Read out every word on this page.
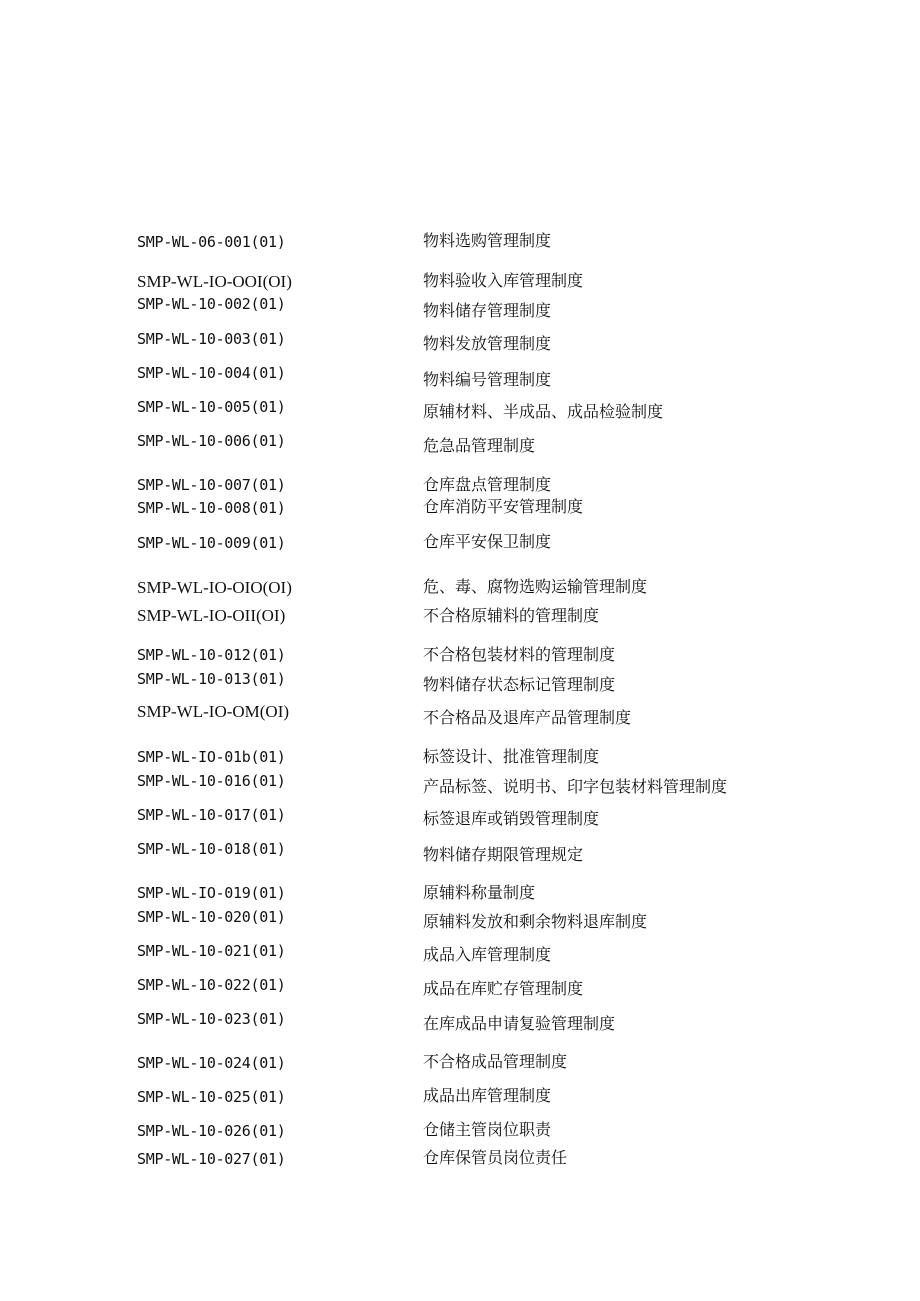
SMP-WL-06-001(01)	物料选购管理制度
SMP-WL-IO-OOI(OI)	物料验收入库管理制度
SMP-WL-10-002(01)	物料储存管理制度
SMP-WL-10-003(01)	物料发放管理制度
SMP-WL-10-004(01)	物料编号管理制度
SMP-WL-10-005(01)	原辅材料、半成品、成品检验制度
SMP-WL-10-006(01)	危急品管理制度
SMP-WL-10-007(01)	仓库盘点管理制度
SMP-WL-10-008(01)	仓库消防平安管理制度
SMP-WL-10-009(01)	仓库平安保卫制度
SMP-WL-IO-OIO(OI)	危、毒、腐物选购运输管理制度
SMP-WL-IO-OII(OI)	不合格原辅料的管理制度
SMP-WL-10-012(01)	不合格包装材料的管理制度
SMP-WL-10-013(01)	物料储存状态标记管理制度
SMP-WL-IO-OM(OI)	不合格品及退库产品管理制度
SMP-WL-IO-01b(01)	标签设计、批准管理制度
SMP-WL-10-016(01)	产品标签、说明书、印字包装材料管理制度
SMP-WL-10-017(01)	标签退库或销毁管理制度
SMP-WL-10-018(01)	物料储存期限管理规定
SMP-WL-IO-019(01)	原辅料称量制度
SMP-WL-10-020(01)	原辅料发放和剩余物料退库制度
SMP-WL-10-021(01)	成品入库管理制度
SMP-WL-10-022(01)	成品在库贮存管理制度
SMP-WL-10-023(01)	在库成品申请复验管理制度
SMP-WL-10-024(01)	不合格成品管理制度
SMP-WL-10-025(01)	成品出库管理制度
SMP-WL-10-026(01)	仓储主管岗位职责
SMP-WL-10-027(01)	仓库保管员岗位责任
